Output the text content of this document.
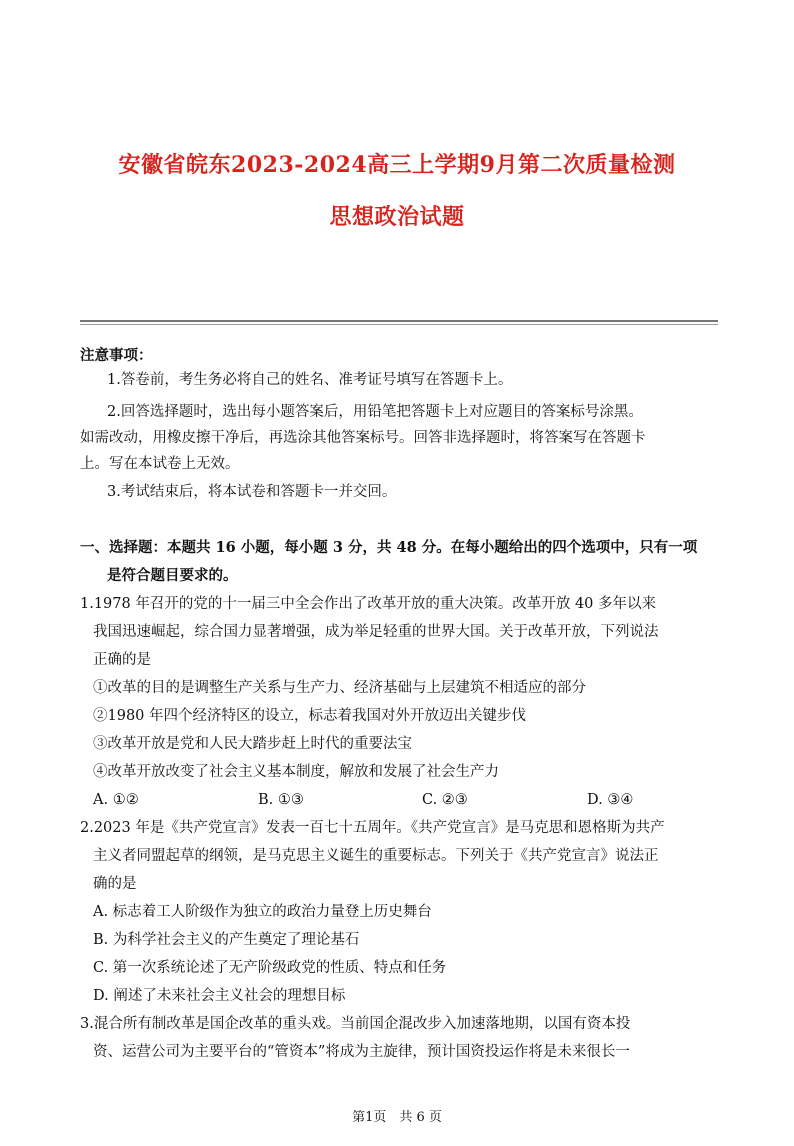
安徽省皖东2023-2024高三上学期9月第二次质量检测
思想政治试题
注意事项：
1.答卷前，考生务必将自己的姓名、准考证号填写在答题卡上。
2.回答选择题时，选出每小题答案后，用铅笔把答题卡上对应题目的答案标号涂黑。
如需改动，用橡皮擦干净后，再选涂其他答案标号。回答非选择题时，将答案写在答题卡
上。写在本试卷上无效。
3.考试结束后，将本试卷和答题卡一并交回。
一、选择题：本题共 16 小题，每小题 3 分，共 48 分。在每小题给出的四个选项中，只有一项
是符合题目要求的。
1.1978 年召开的党的十一届三中全会作出了改革开放的重大决策。改革开放 40 多年以来
我国迅速崛起，综合国力显著增强，成为举足轻重的世界大国。关于改革开放，下列说法
正确的是
①改革的目的是调整生产关系与生产力、经济基础与上层建筑不相适应的部分
②1980 年四个经济特区的设立，标志着我国对外开放迈出关键步伐
③改革开放是党和人民大踏步赶上时代的重要法宝
④改革开放改变了社会主义基本制度，解放和发展了社会生产力
A. ①②	B. ①③	C. ②③	D. ③④
2.2023 年是《共产党宣言》发表一百七十五周年。《共产党宣言》是马克思和恩格斯为共产
主义者同盟起草的纲领，是马克思主义诞生的重要标志。下列关于《共产党宣言》说法正
确的是
A. 标志着工人阶级作为独立的政治力量登上历史舞台
B. 为科学社会主义的产生奠定了理论基石
C. 第一次系统论述了无产阶级政党的性质、特点和任务
D. 阐述了未来社会主义社会的理想目标
3.混合所有制改革是国企改革的重头戏。当前国企混改步入加速落地期，以国有资本投
资、运营公司为主要平台的“管资本”将成为主旋律，预计国资投运作将是未来很长一
第1页　共 6 页
